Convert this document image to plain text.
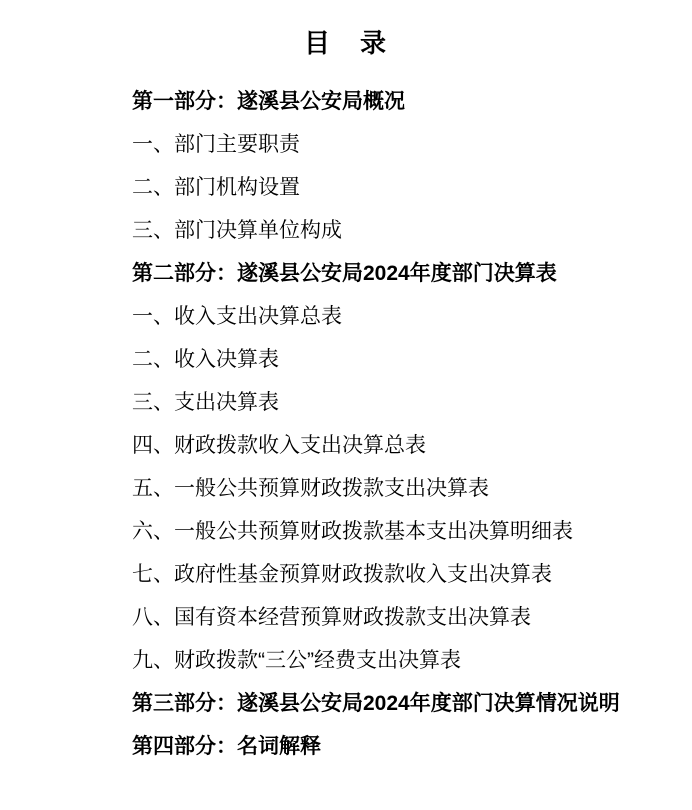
目　录
第一部分：遂溪县公安局概况
一、部门主要职责
二、部门机构设置
三、部门决算单位构成
第二部分：遂溪县公安局2024年度部门决算表
一、收入支出决算总表
二、收入决算表
三、支出决算表
四、财政拨款收入支出决算总表
五、一般公共预算财政拨款支出决算表
六、一般公共预算财政拨款基本支出决算明细表
七、政府性基金预算财政拨款收入支出决算表
八、国有资本经营预算财政拨款支出决算表
九、财政拨款“三公”经费支出决算表
第三部分：遂溪县公安局2024年度部门决算情况说明
第四部分：名词解释
